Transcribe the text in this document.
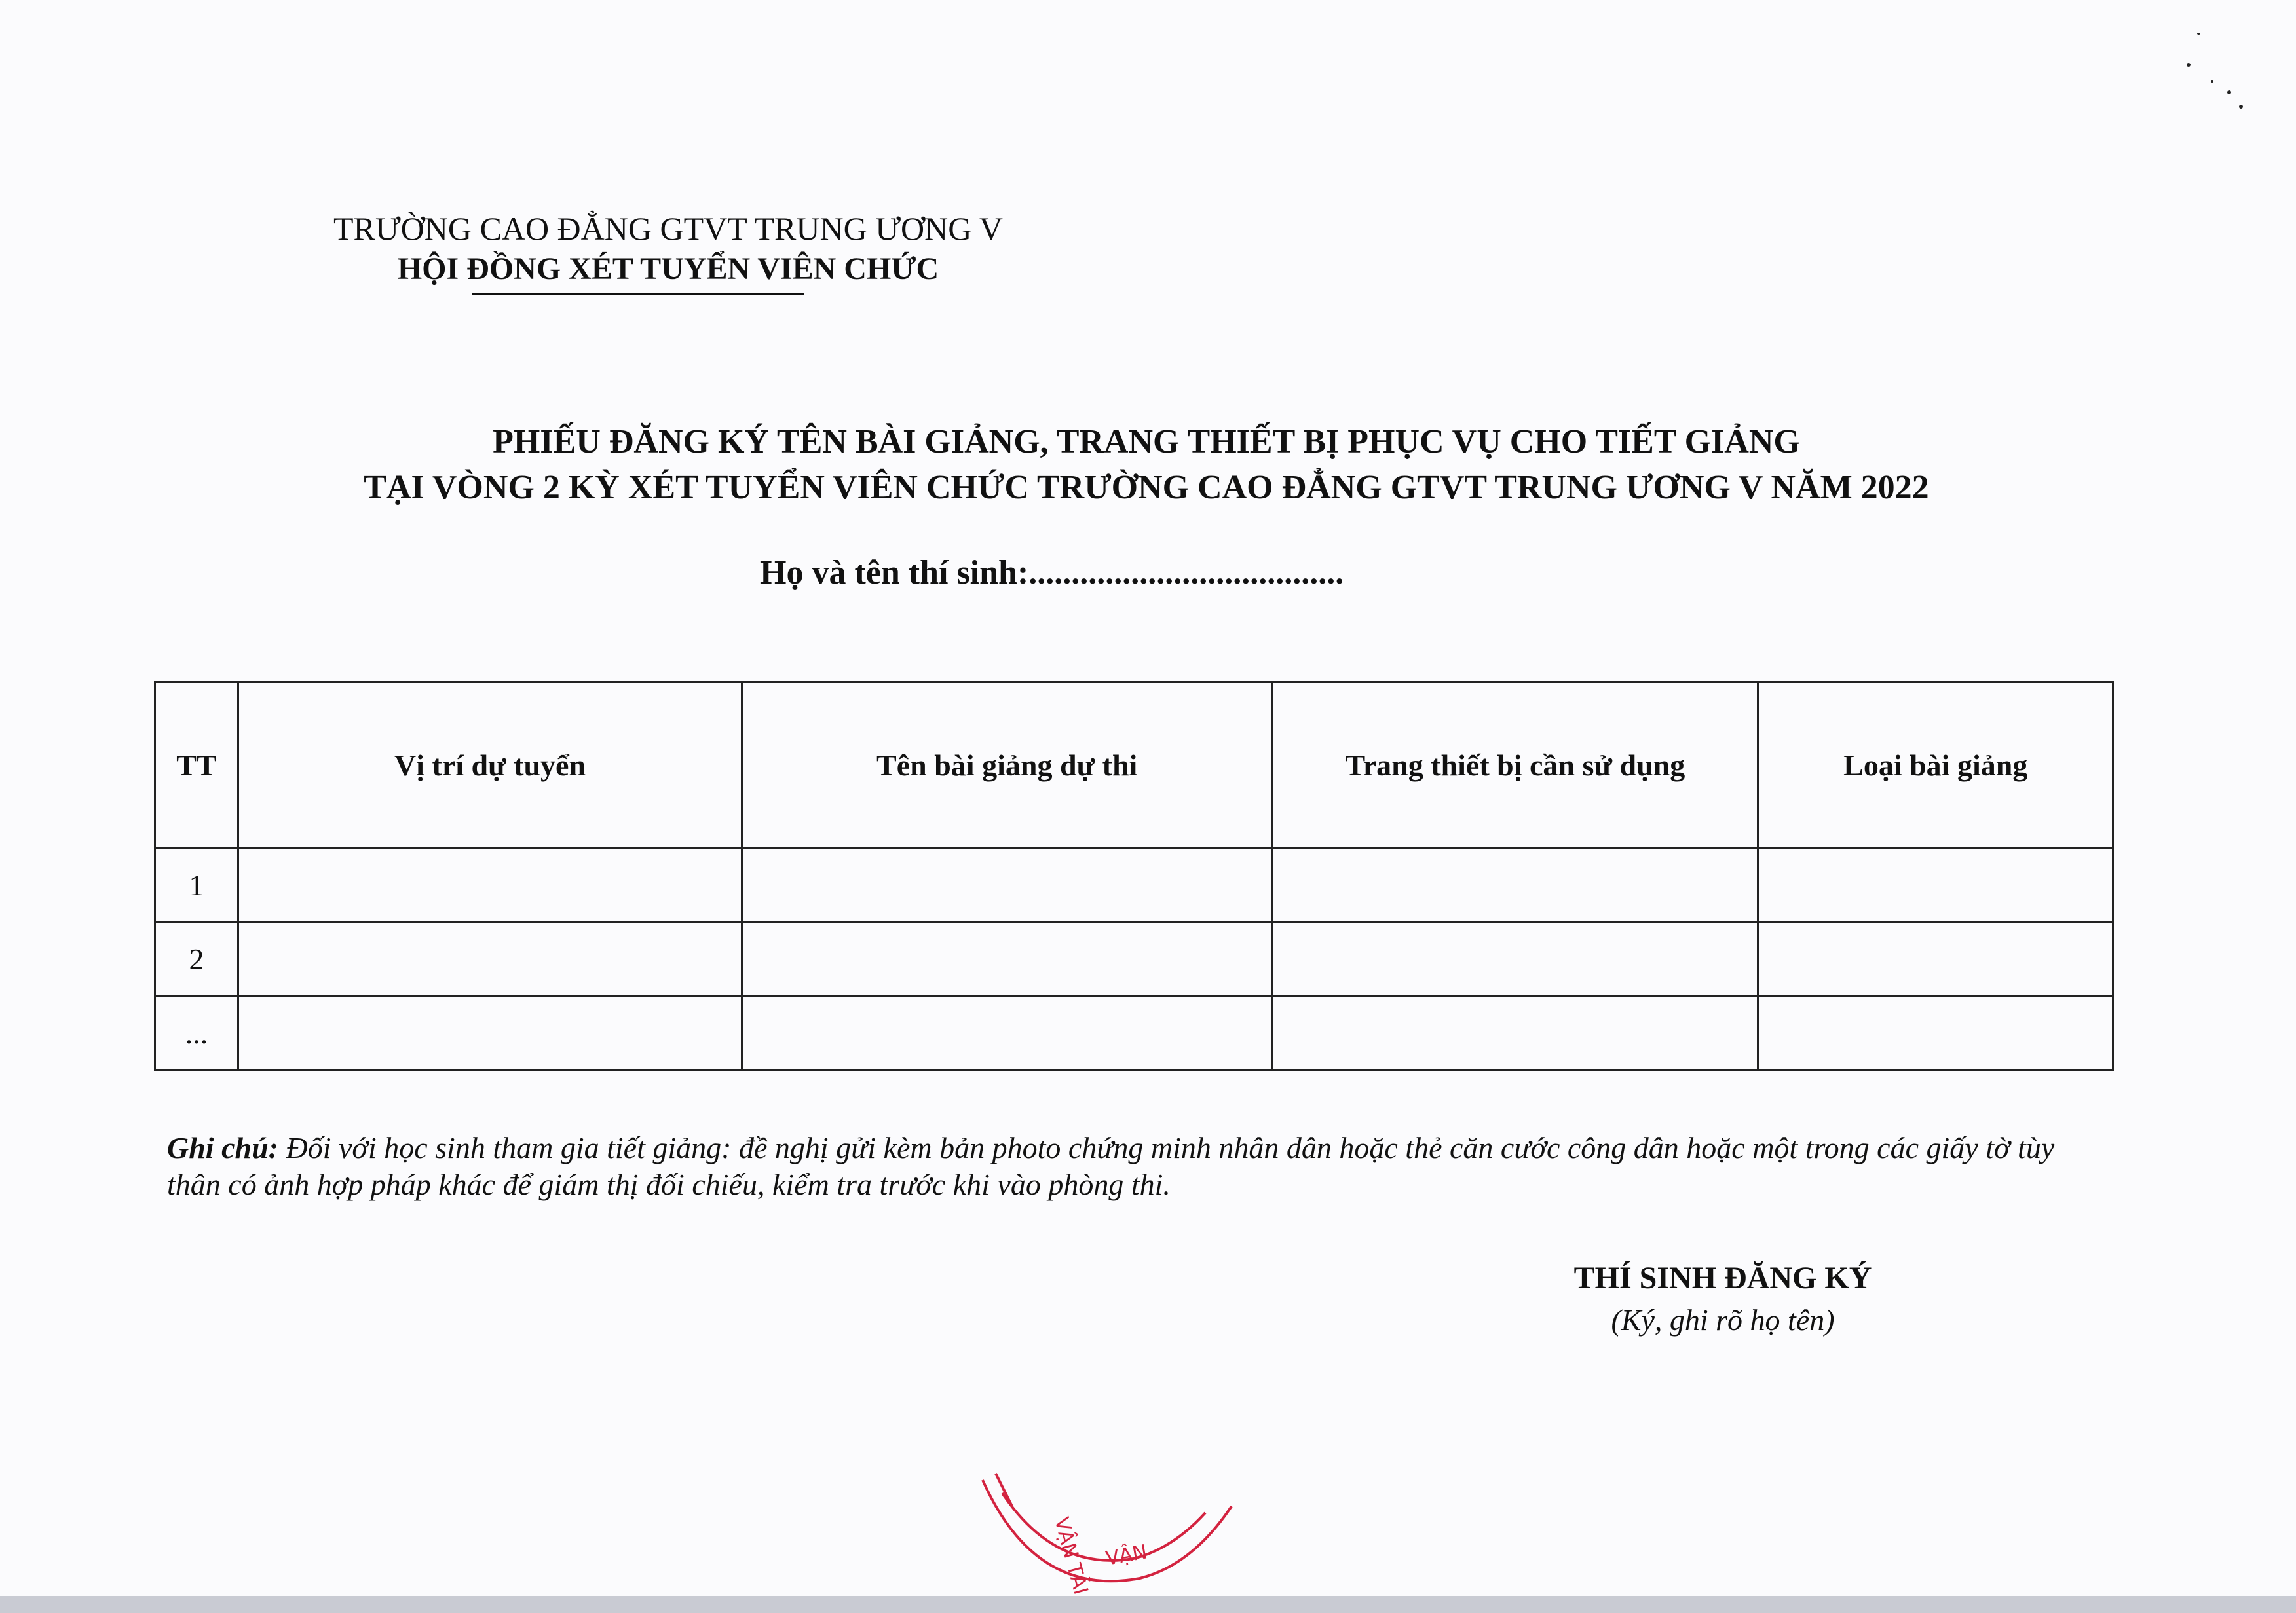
TRƯỜNG CAO ĐẲNG GTVT TRUNG ƯƠNG V
HỘI ĐỒNG XÉT TUYỂN VIÊN CHỨC
PHIẾU ĐĂNG KÝ TÊN BÀI GIẢNG, TRANG THIẾT BỊ PHỤC VỤ CHO TIẾT GIẢNG
TẠI VÒNG 2 KỲ XÉT TUYỂN VIÊN CHỨC TRƯỜNG CAO ĐẲNG GTVT TRUNG ƯƠNG V NĂM 2022
Họ và tên thí sinh:.....................................
TT	Vị trí dự tuyển	Tên bài giảng dự thi	Trang thiết bị cần sử dụng	Loại bài giảng
1				
2				
...				
Ghi chú: Đối với học sinh tham gia tiết giảng: đề nghị gửi kèm bản photo chứng minh nhân dân hoặc thẻ căn cước công dân hoặc một trong các giấy tờ tùy thân có ảnh hợp pháp khác để giám thị đối chiếu, kiểm tra trước khi vào phòng thi.
THÍ SINH ĐĂNG KÝ
(Ký, ghi rõ họ tên)
VẬN TẢI VẬN
